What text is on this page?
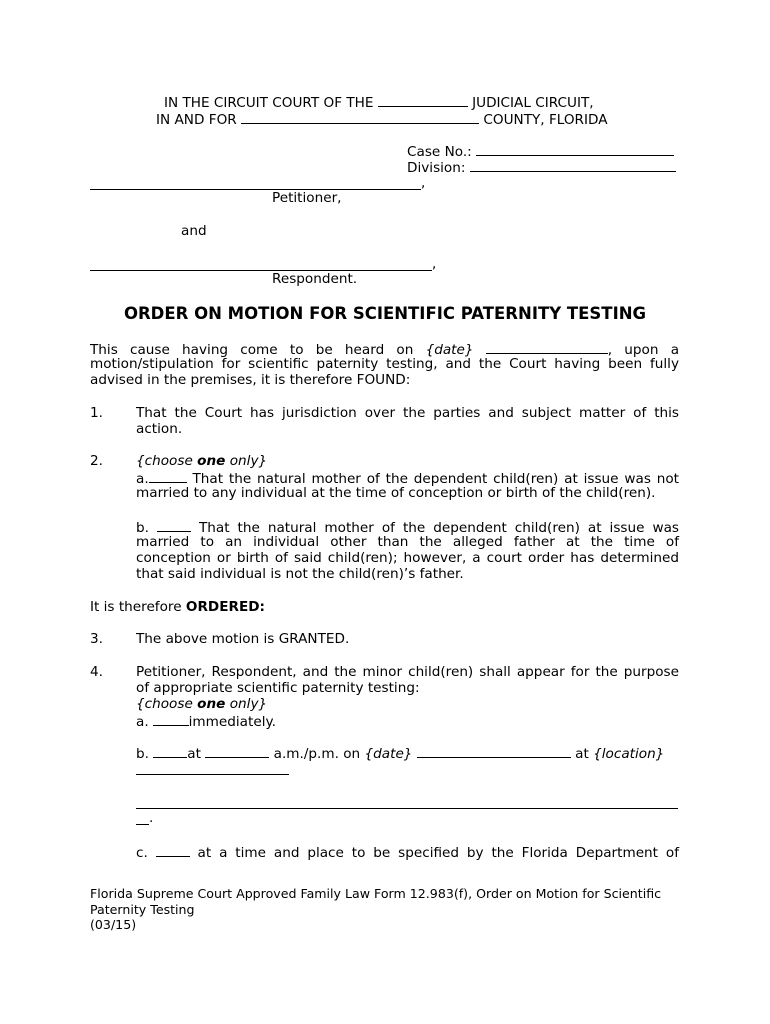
IN THE CIRCUIT COURT OF THE	JUDICIAL CIRCUIT,
IN AND FOR	COUNTY, FLORIDA
Case No.:
Division:
,
Petitioner,
and
,
Respondent.
ORDER ON MOTION FOR SCIENTIFIC PATERNITY TESTING
This cause having come to be heard on {date}	, upon a
motion/stipulation for scientific paternity testing, and the Court having been fully
advised in the premises, it is therefore FOUND:
1. That the Court has jurisdiction over the parties and subject matter of this
action.
2. {choose one only}
a.	That the natural mother of the dependent child(ren) at issue was not
married to any individual at the time of conception or birth of the child(ren).
b.	That the natural mother of the dependent child(ren) at issue was
married to an individual other than the alleged father at the time of
conception or birth of said child(ren); however, a court order has determined
that said individual is not the child(ren)’s father.
It is therefore ORDERED:
3. The above motion is GRANTED.
4. Petitioner, Respondent, and the minor child(ren) shall appear for the purpose
of appropriate scientific paternity testing:
{choose one only}
a.	immediately.
b.	at	a.m./p.m. on {date}	at {location}
.
c.	at a time and place to be specified by the Florida Department of
Florida Supreme Court Approved Family Law Form 12.983(f), Order on Motion for Scientific
Paternity Testing
(03/15)
